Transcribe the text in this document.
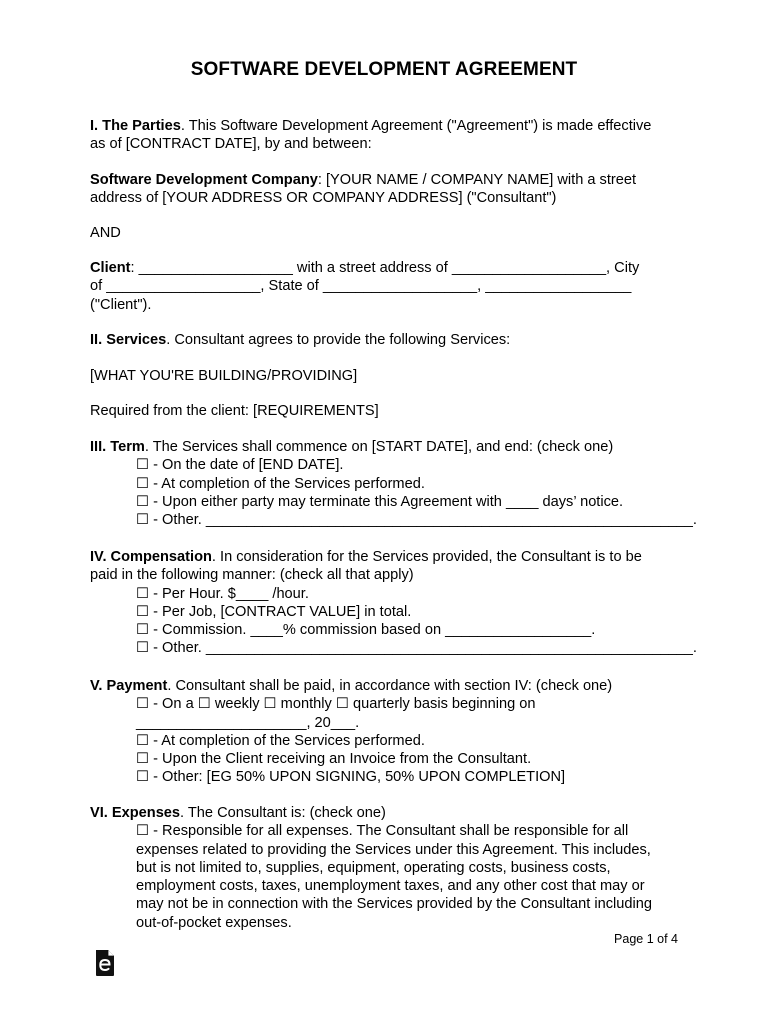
SOFTWARE DEVELOPMENT AGREEMENT
I. The Parties. This Software Development Agreement ("Agreement") is made effective
as of [CONTRACT DATE], by and between:
Software Development Company: [YOUR NAME / COMPANY NAME] with a street
address of [YOUR ADDRESS OR COMPANY ADDRESS] ("Consultant")
AND
Client: ___________________ with a street address of ___________________, City
of ___________________, State of ___________________, __________________
("Client").
II. Services. Consultant agrees to provide the following Services:
[WHAT YOU'RE BUILDING/PROVIDING]
Required from the client: [REQUIREMENTS]
III. Term. The Services shall commence on [START DATE], and end: (check one)
☐ - On the date of [END DATE].
☐ - At completion of the Services performed.
☐ - Upon either party may terminate this Agreement with ____ days’ notice.
☐ - Other. ____________________________________________________________.
IV. Compensation. In consideration for the Services provided, the Consultant is to be
paid in the following manner: (check all that apply)
☐ - Per Hour. $____ /hour.
☐ - Per Job, [CONTRACT VALUE] in total.
☐ - Commission. ____% commission based on __________________.
☐ - Other. ____________________________________________________________.
V. Payment. Consultant shall be paid, in accordance with section IV: (check one)
☐ - On a ☐ weekly ☐ monthly ☐ quarterly basis beginning on
_____________________, 20___.
☐ - At completion of the Services performed.
☐ - Upon the Client receiving an Invoice from the Consultant.
☐ - Other: [EG 50% UPON SIGNING, 50% UPON COMPLETION]
VI. Expenses. The Consultant is: (check one)
☐ - Responsible for all expenses. The Consultant shall be responsible for all
expenses related to providing the Services under this Agreement. This includes,
but is not limited to, supplies, equipment, operating costs, business costs,
employment costs, taxes, unemployment taxes, and any other cost that may or
may not be in connection with the Services provided by the Consultant including
out-of-pocket expenses.
Page 1 of 4
